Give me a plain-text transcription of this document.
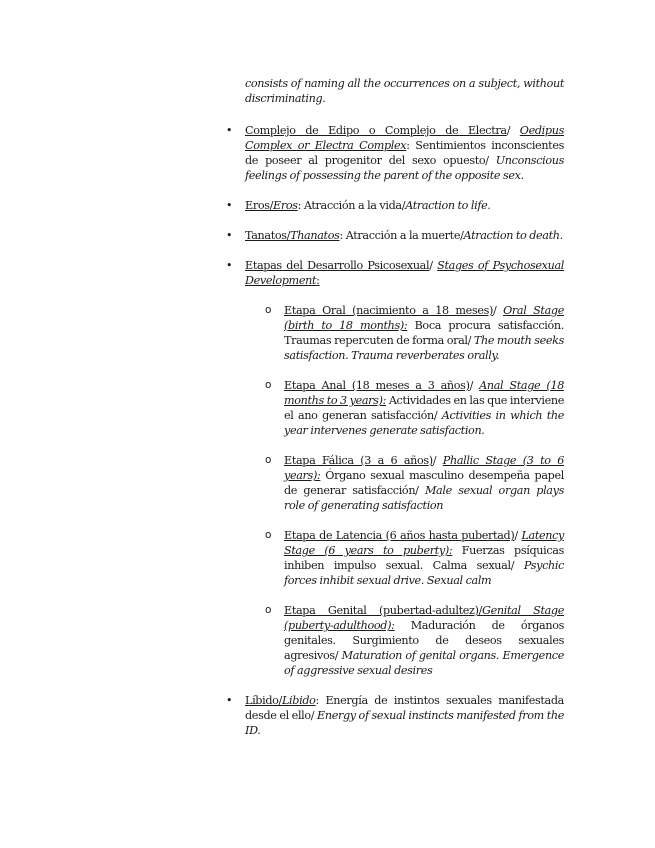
consists of naming all the occurrences on a subject, without discriminating.

• Complejo de Edipo o Complejo de Electra/ Oedipus Complex or Electra Complex: Sentimientos inconscientes de poseer al progenitor del sexo opuesto/ Unconscious feelings of possessing the parent of the opposite sex.
• Eros/Eros: Atracción a la vida/Atraction to life.
• Tanatos/Thanatos: Atracción a la muerte/Atraction to death.
• Etapas del Desarrollo Psicosexual/ Stages of Psychosexual Development:
o Etapa Oral (nacimiento a 18 meses)/ Oral Stage (birth to 18 months): Boca procura satisfacción. Traumas repercuten de forma oral/ The mouth seeks satisfaction. Trauma reverberates orally.
o Etapa Anal (18 meses a 3 años)/ Anal Stage (18 months to 3 years): Actividades en las que interviene el ano generan satisfacción/ Activities in which the year intervenes generate satisfaction.
o Etapa Fálica (3 a 6 años)/ Phallic Stage (3 to 6 years): Órgano sexual masculino desempeña papel de generar satisfacción/ Male sexual organ plays role of generating satisfaction
o Etapa de Latencia (6 años hasta pubertad)/ Latency Stage (6 years to puberty): Fuerzas psíquicas inhiben impulso sexual. Calma sexual/ Psychic forces inhibit sexual drive. Sexual calm
o Etapa Genital (pubertad-adultez)/Genital Stage (puberty-adulthood): Maduración de órganos genitales. Surgimiento de deseos sexuales agresivos/ Maturation of genital organs. Emergence of aggressive sexual desires
• Líbido/Libido: Energía de instintos sexuales manifestada desde el ello/ Energy of sexual instincts manifested from the ID.
